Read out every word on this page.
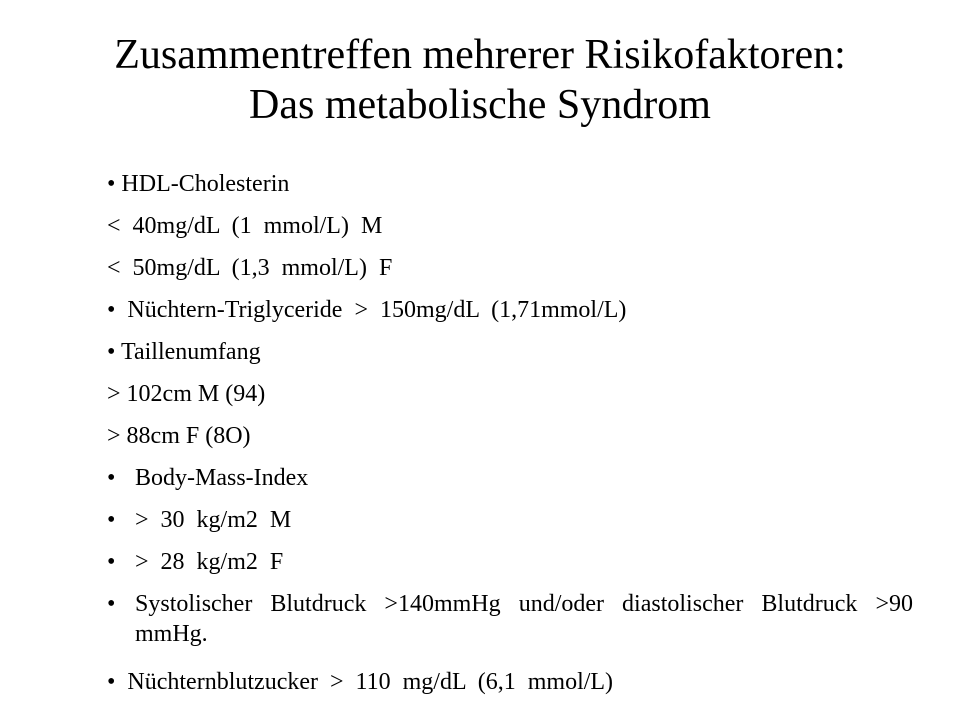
Zusammentreffen mehrerer Risikofaktoren:
Das metabolische Syndrom
• HDL-Cholesterin
< 40mg/dL (1 mmol/L) M
< 50mg/dL (1,3 mmol/L) F
• Nüchtern-Triglyceride > 150mg/dL (1,71mmol/L)
• Taillenumfang
> 102cm M (94)
> 88cm F (8O)
• Body-Mass-Index
• > 30 kg/m2 M
• > 28 kg/m2 F
• Systolischer Blutdruck >140mmHg und/oder diastolischer Blutdruck >90 mmHg.
• Nüchternblutzucker > 110 mg/dL (6,1 mmol/L)
